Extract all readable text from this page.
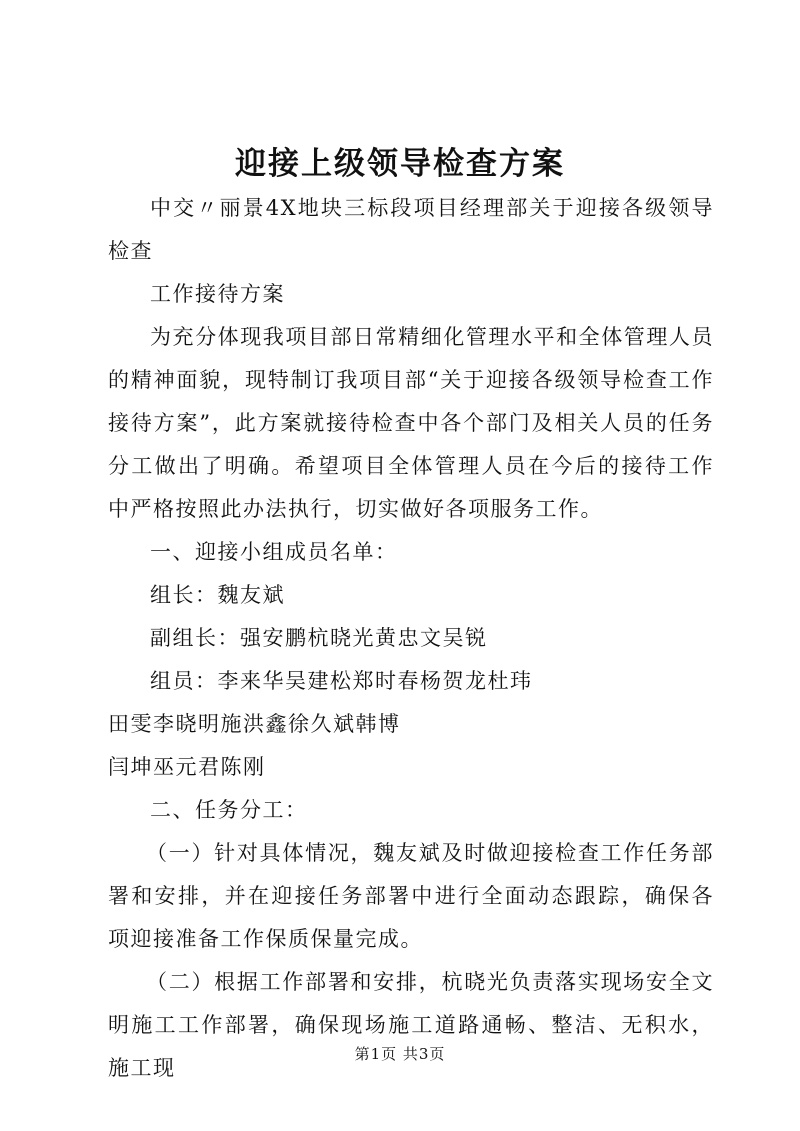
迎接上级领导检查方案

中交〃丽景4X地块三标段项目经理部关于迎接各级领导检查

工作接待方案

为充分体现我项目部日常精细化管理水平和全体管理人员的精神面貌，现特制订我项目部“关于迎接各级领导检查工作接待方案”，此方案就接待检查中各个部门及相关人员的任务分工做出了明确。希望项目全体管理人员在今后的接待工作中严格按照此办法执行，切实做好各项服务工作。

一、迎接小组成员名单：

组长：魏友斌

副组长：强安鹏杭晓光黄忠文吴锐

组员：李来华吴建松郑时春杨贺龙杜玮

田雯李晓明施洪鑫徐久斌韩博

闫坤巫元君陈刚

二、任务分工：

（一）针对具体情况，魏友斌及时做迎接检查工作任务部署和安排，并在迎接任务部署中进行全面动态跟踪，确保各项迎接准备工作保质保量完成。

（二）根据工作部署和安排，杭晓光负责落实现场安全文明施工工作部署，确保现场施工道路通畅、整洁、无积水，施工现

第1页 共3页
